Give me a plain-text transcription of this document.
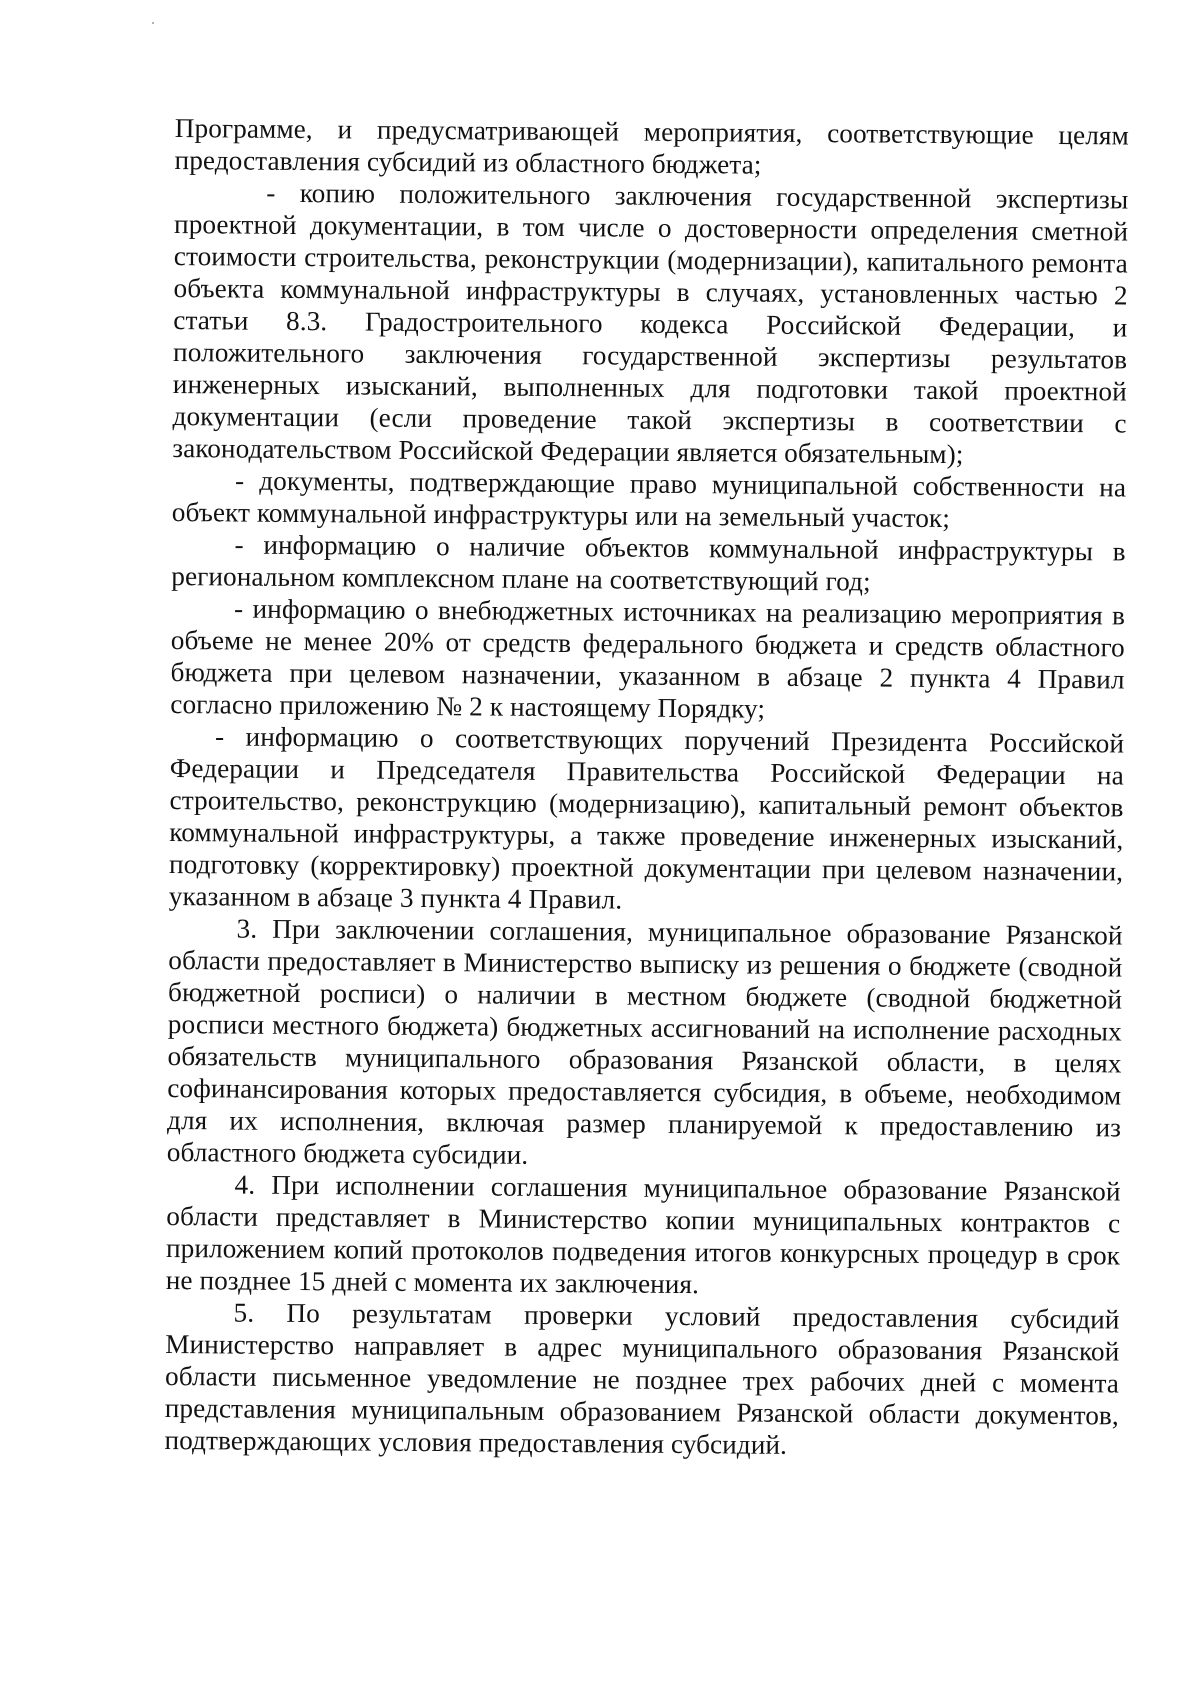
Программе, и предусматривающей мероприятия, соответствующие целям предоставления субсидий из областного бюджета;

- копию положительного заключения государственной экспертизы проектной документации, в том числе о достоверности определения сметной стоимости строительства, реконструкции (модернизации), капитального ремонта объекта коммунальной инфраструктуры в случаях, установленных частью 2 статьи 8.3. Градостроительного кодекса Российской Федерации, и положительного заключения государственной экспертизы результатов инженерных изысканий, выполненных для подготовки такой проектной документации (если проведение такой экспертизы в соответствии с законодательством Российской Федерации является обязательным);

- документы, подтверждающие право муниципальной собственности на объект коммунальной инфраструктуры или на земельный участок;

- информацию о наличие объектов коммунальной инфраструктуры в региональном комплексном плане на соответствующий год;

- информацию о внебюджетных источниках на реализацию мероприятия в объеме не менее 20% от средств федерального бюджета и средств областного бюджета при целевом назначении, указанном в абзаце 2 пункта 4 Правил согласно приложению № 2 к настоящему Порядку;

- информацию о соответствующих поручений Президента Российской Федерации и Председателя Правительства Российской Федерации на строительство, реконструкцию (модернизацию), капитальный ремонт объектов коммунальной инфраструктуры, а также проведение инженерных изысканий, подготовку (корректировку) проектной документации при целевом назначении, указанном в абзаце 3 пункта 4 Правил.

3. При заключении соглашения, муниципальное образование Рязанской области предоставляет в Министерство выписку из решения о бюджете (сводной бюджетной росписи) о наличии в местном бюджете (сводной бюджетной росписи местного бюджета) бюджетных ассигнований на исполнение расходных обязательств муниципального образования Рязанской области, в целях софинансирования которых предоставляется субсидия, в объеме, необходимом для их исполнения, включая размер планируемой к предоставлению из областного бюджета субсидии.

4. При исполнении соглашения муниципальное образование Рязанской области представляет в Министерство копии муниципальных контрактов с приложением копий протоколов подведения итогов конкурсных процедур в срок не позднее 15 дней с момента их заключения.

5. По результатам проверки условий предоставления субсидий Министерство направляет в адрес муниципального образования Рязанской области письменное уведомление не позднее трех рабочих дней с момента представления муниципальным образованием Рязанской области документов, подтверждающих условия предоставления субсидий.
